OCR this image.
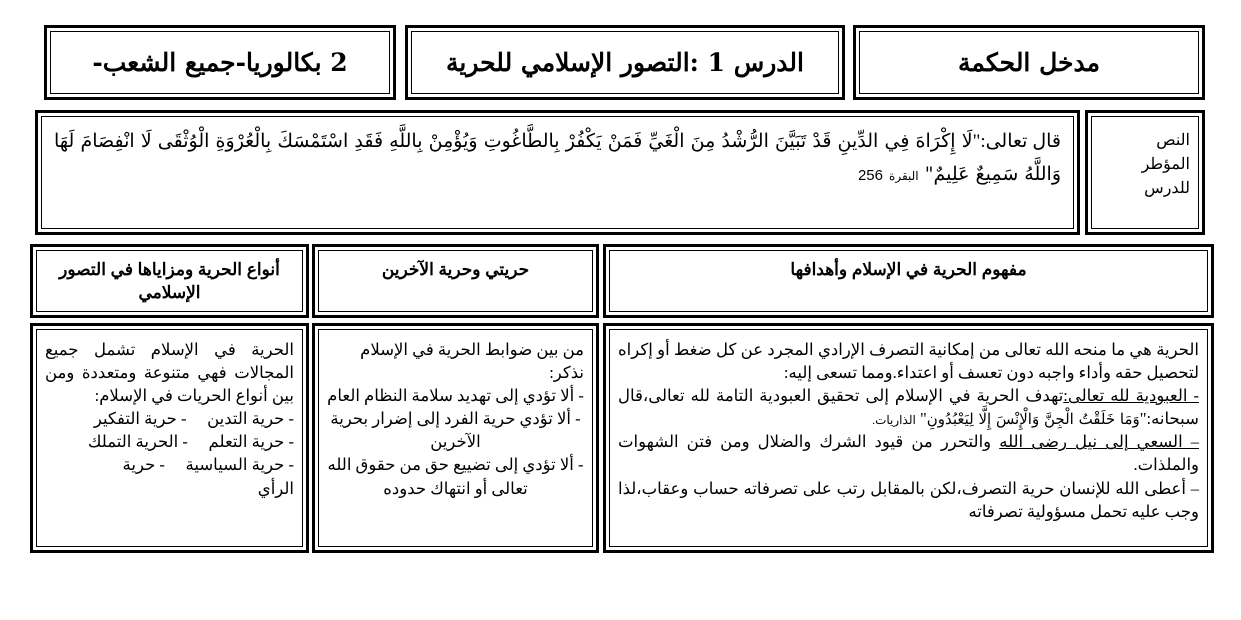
مدخل الحكمة
الدرس 1 :التصور الإسلامي للحرية
2 بكالوريا-جميع الشعب-
النص
المؤطر
للدرس
قال تعالى:"لَا إِكْرَاهَ فِي الدِّينِ قَدْ تَبَيَّنَ الرُّشْدُ مِنَ الْغَيِّ فَمَنْ يَكْفُرْ بِالطَّاغُوتِ وَيُؤْمِنْ بِاللَّهِ فَقَدِ اسْتَمْسَكَ بِالْعُرْوَةِ الْوُثْقَى لَا انْفِصَامَ لَهَا وَاللَّهُ سَمِيعٌ عَلِيمٌ" البقرة 256
مفهوم الحرية في الإسلام وأهدافها
حريتي وحرية الآخرين
أنواع الحرية ومزاياها في التصور الإسلامي

الحرية هي ما منحه الله تعالى من إمكانية التصرف الإرادي المجرد عن كل ضغط أو إكراه لتحصيل حقه وأداء واجبه دون تعسف أو اعتداء.ومما تسعى إليه:

- العبودية لله تعالى:تهدف الحرية في الإسلام إلى تحقيق العبودية التامة لله تعالى،قال سبحانه:"وَمَا خَلَقْتُ الْجِنَّ وَالْإِنْسَ إِلَّا لِيَعْبُدُونِ" الذاريات.

– السعي إلى نيل رضى الله والتحرر من قيود الشرك والضلال ومن فتن الشهوات والملذات.

– أعطى الله للإنسان حرية التصرف،لكن بالمقابل رتب على تصرفاته حساب وعقاب،لذا وجب عليه تحمل مسؤولية تصرفاته

من بين ضوابط الحرية في الإسلام نذكر:

- ألا تؤدي إلى تهديد سلامة النظام العام

- ألا تؤدي حرية الفرد إلى إضرار بحرية الآخرين

- ألا تؤدي إلى تضييع حق من حقوق الله تعالى أو انتهاك حدوده

الحرية في الإسلام تشمل جميع المجالات فهي متنوعة ومتعددة ومن بين أنواع الحريات في الإسلام:

- حرية التدين     - حرية التفكير

- حرية التعلم     - الحرية التملك

- حرية السياسية     - حرية

الرأي
